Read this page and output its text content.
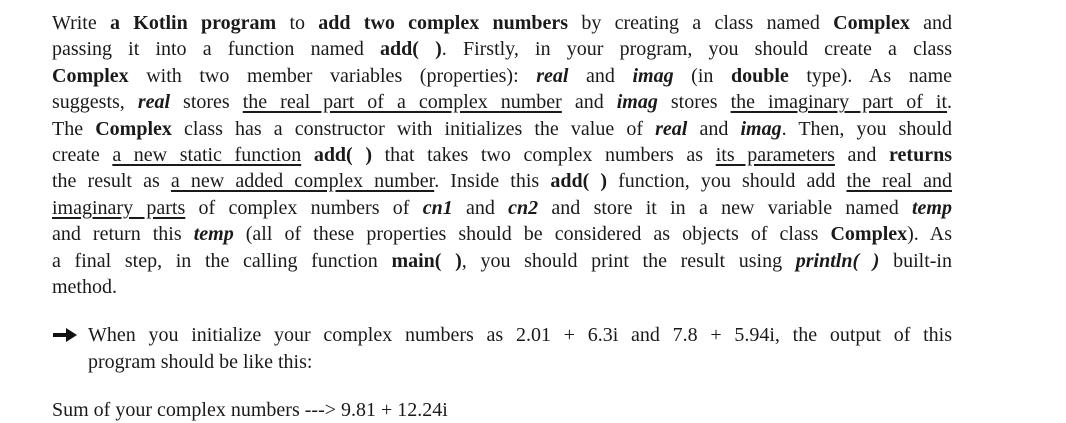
Write a Kotlin program to add two complex numbers by creating a class named Complex and
passing it into a function named add( ). Firstly, in your program, you should create a class
Complex with two member variables (properties): real and imag (in double type). As name
suggests, real stores the real part of a complex number and imag stores the imaginary part of it.
The Complex class has a constructor with initializes the value of real and imag. Then, you should
create a new static function add( ) that takes two complex numbers as its parameters and returns
the result as a new added complex number. Inside this add( ) function, you should add the real and
imaginary parts of complex numbers of cn1 and cn2 and store it in a new variable named temp
and return this temp (all of these properties should be considered as objects of class Complex). As
a final step, in the calling function main( ), you should print the result using println( ) built-in
method.
When you initialize your complex numbers as 2.01 + 6.3i and 7.8 + 5.94i, the output of this
program should be like this:
Sum of your complex numbers ---> 9.81 + 12.24i
